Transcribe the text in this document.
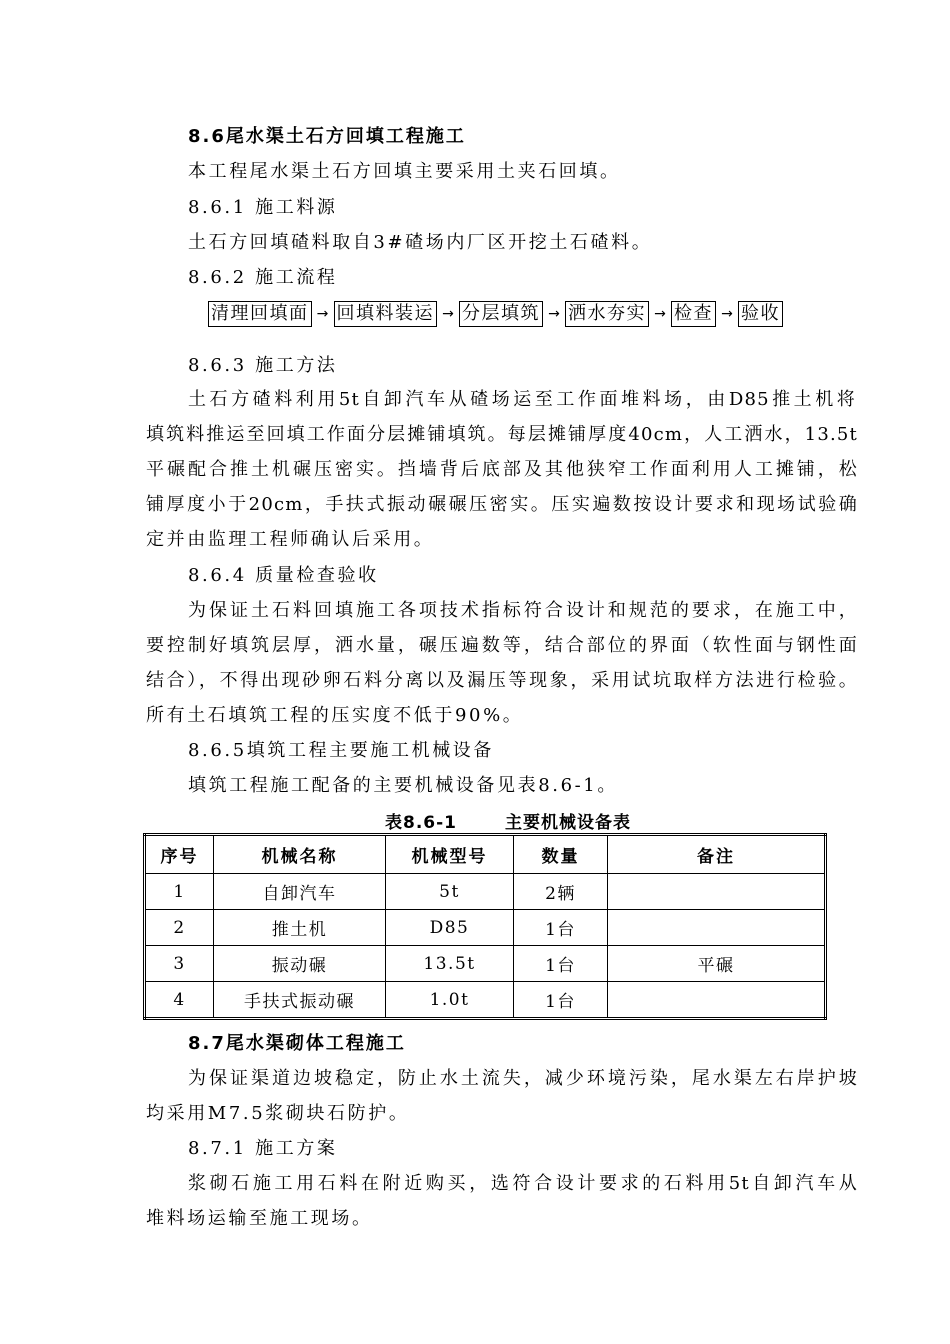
8.6尾水渠土石方回填工程施工
本工程尾水渠土石方回填主要采用土夹石回填。
8.6.1 施工料源
土石方回填碴料取自3#碴场内厂区开挖土石碴料。
8.6.2 施工流程
清理回填面 → 回填料装运 → 分层填筑 → 洒水夯实 → 检查 → 验收
8.6.3 施工方法
土石方碴料利用5t自卸汽车从碴场运至工作面堆料场，由D85推土机将
填筑料推运至回填工作面分层摊铺填筑。每层摊铺厚度40cm，人工洒水，13.5t
平碾配合推土机碾压密实。挡墙背后底部及其他狭窄工作面利用人工摊铺，松
铺厚度小于20cm，手扶式振动碾碾压密实。压实遍数按设计要求和现场试验确
定并由监理工程师确认后采用。
8.6.4 质量检查验收
为保证土石料回填施工各项技术指标符合设计和规范的要求，在施工中，
要控制好填筑层厚，洒水量，碾压遍数等，结合部位的界面（软性面与钢性面
结合），不得出现砂卵石料分离以及漏压等现象，采用试坑取样方法进行检验。
所有土石填筑工程的压实度不低于90%。
8.6.5填筑工程主要施工机械设备
填筑工程施工配备的主要机械设备见表8.6-1。
表8.6-1	主要机械设备表
序号	机械名称	机械型号	数量	备注
1	自卸汽车	5t	2辆	
2	推土机	D85	1台	
3	振动碾	13.5t	1台	平碾
4	手扶式振动碾	1.0t	1台	
8.7尾水渠砌体工程施工
为保证渠道边坡稳定，防止水土流失，减少环境污染，尾水渠左右岸护坡
均采用M7.5浆砌块石防护。
8.7.1 施工方案
浆砌石施工用石料在附近购买，选符合设计要求的石料用5t自卸汽车从
堆料场运输至施工现场。
